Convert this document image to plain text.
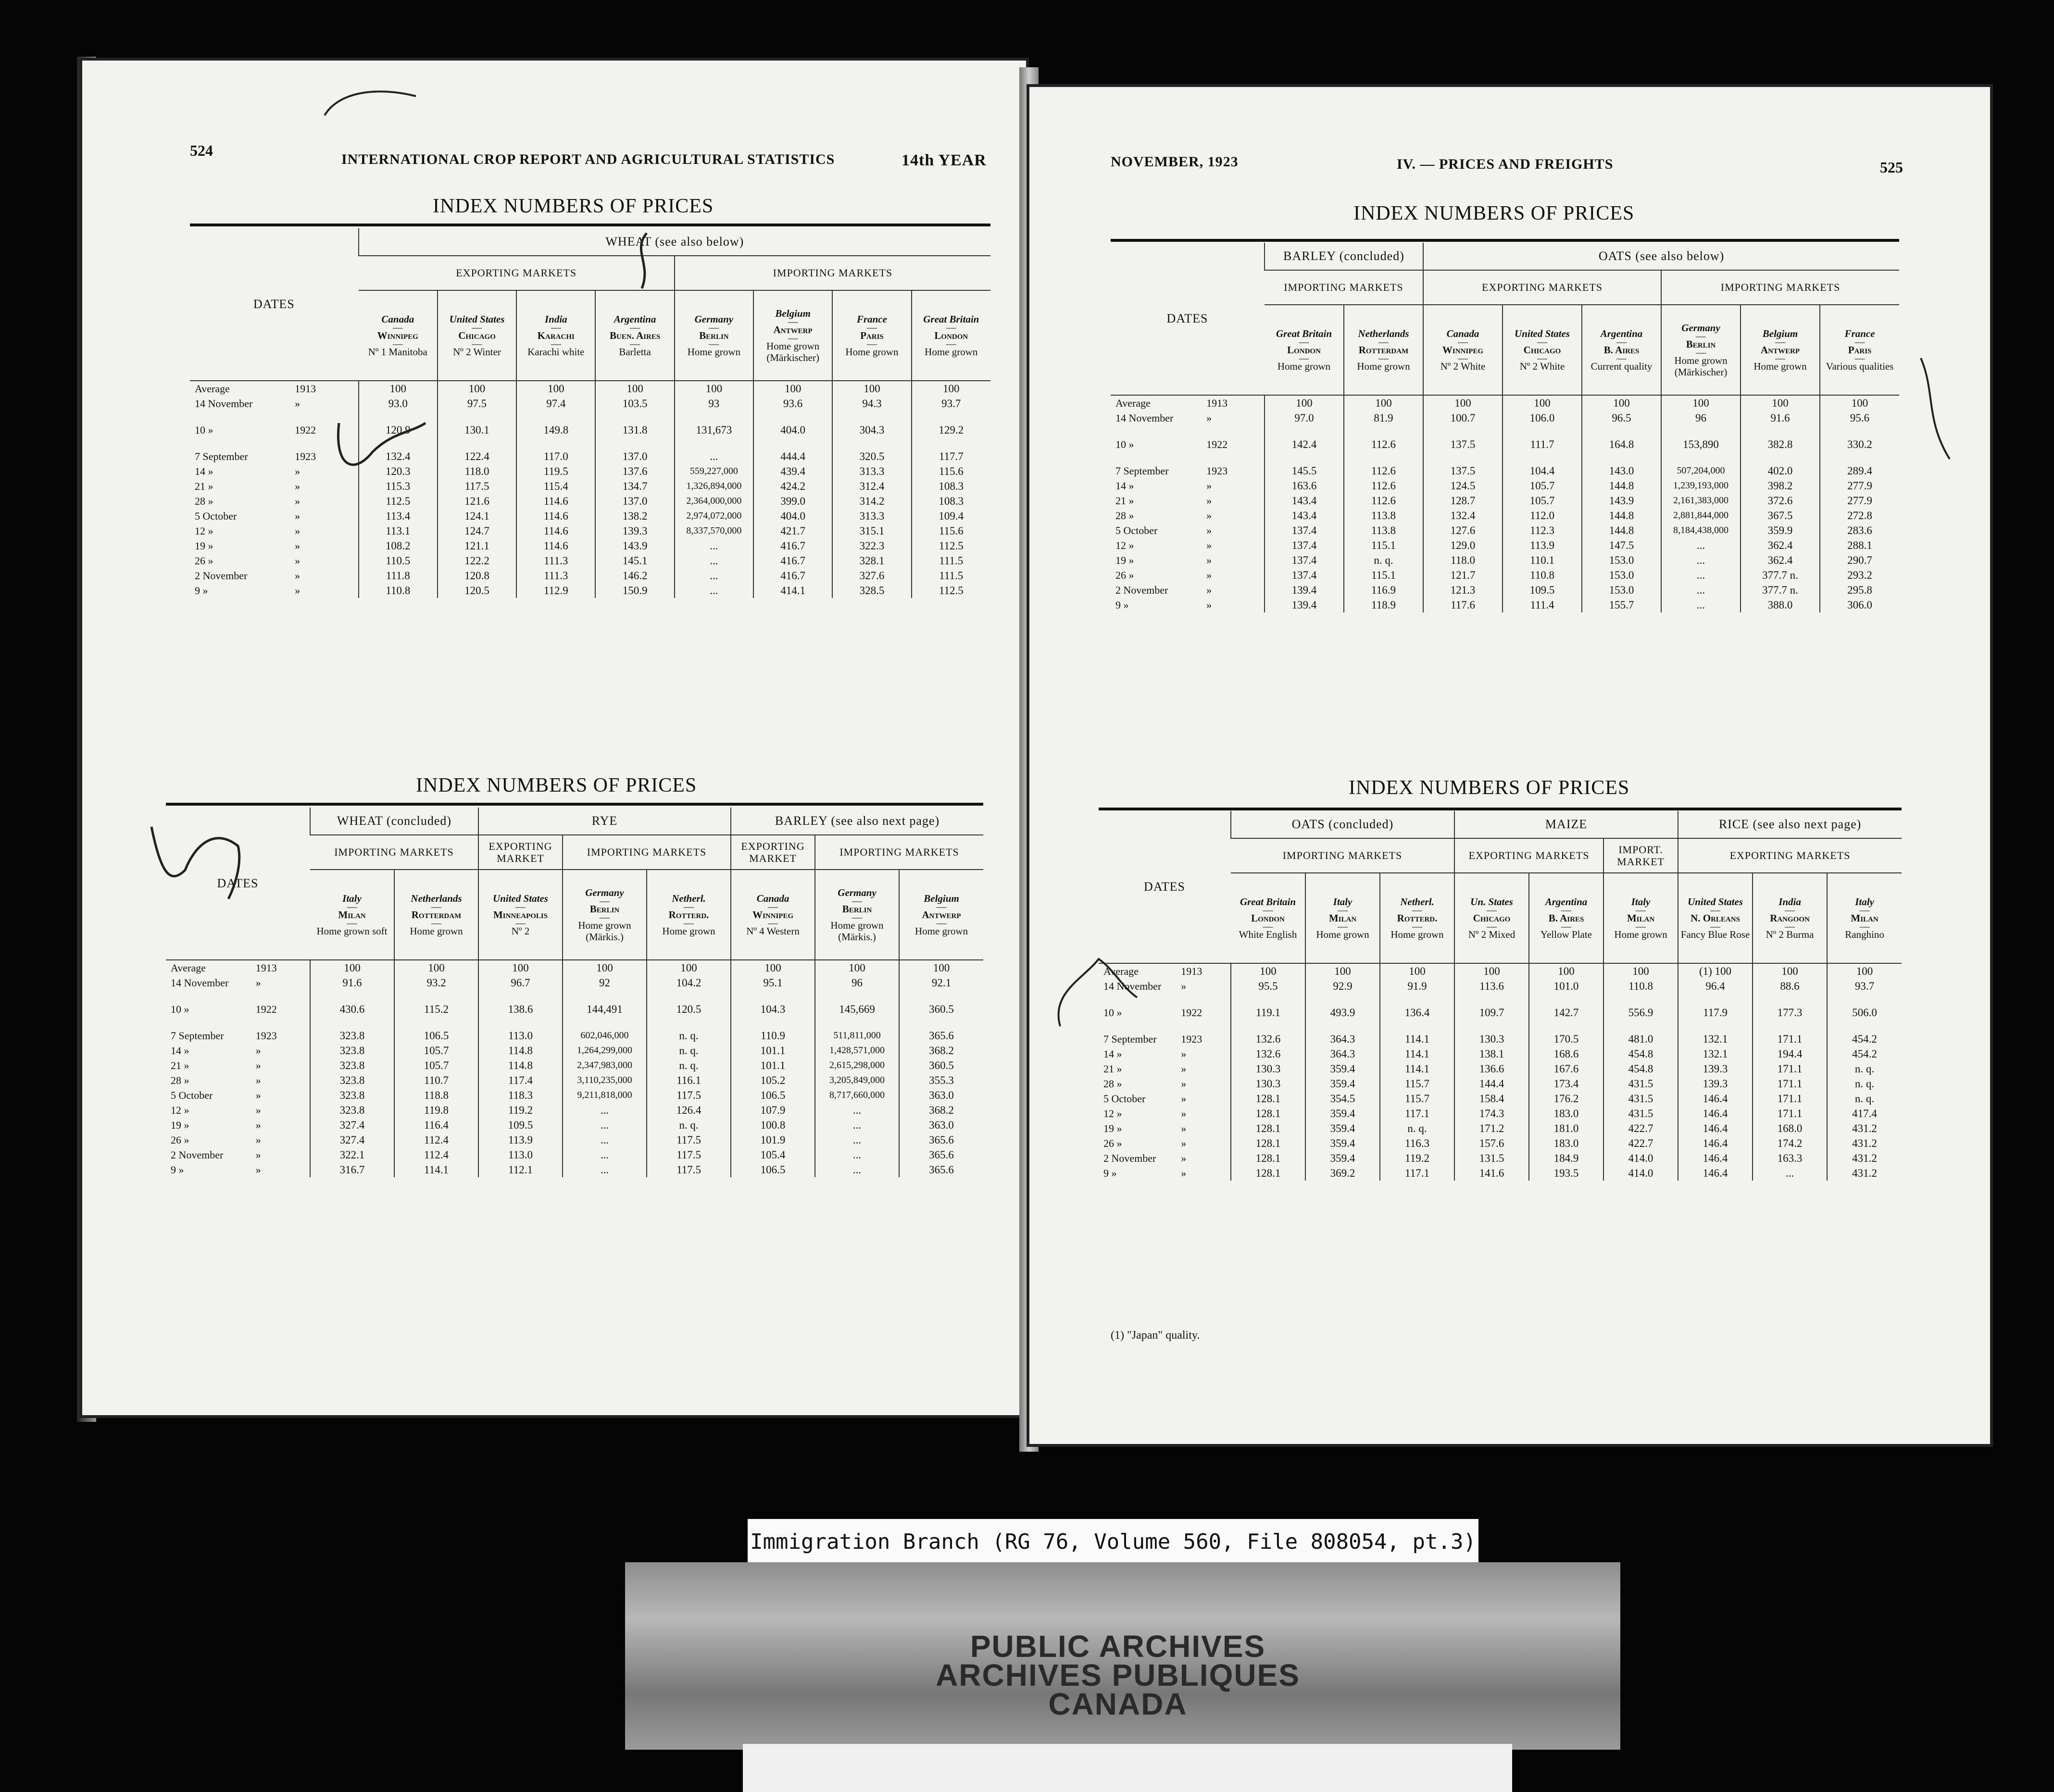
524
INTERNATIONAL CROP REPORT AND AGRICULTURAL STATISTICS	14th YEAR
INDEX NUMBERS OF PRICES
DATES	WHEAT (see also below)							
	EXPORTING MARKETS				IMPORTING MARKETS			

	Canada
—
Winnipeg
—
Nº 1 Manitoba	United States
—
Chicago
—
Nº 2 Winter	India
—
Karachi
—
Karachi white	Argentina
—
Buen. Aires
—
Barletta	Germany
—
Berlin
—
Home grown	Belgium
—
Antwerp
—
Home grown (Märkischer)	France
—
Paris
—
Home grown	Great Britain
—
London
—
Home grown

Average 1913	100	100	100	100	100	100	100	100
14 November »	93.0	97.5	97.4	103.5	93	93.6	94.3	93.7

10 » 1922	120.9	130.1	149.8	131.8	131,673	404.0	304.3	129.2

7 September 1923	132.4	122.4	117.0	137.0	...	444.4	320.5	117.7
14 » »	120.3	118.0	119.5	137.6	559,227,000	439.4	313.3	115.6
21 » »	115.3	117.5	115.4	134.7	1,326,894,000	424.2	312.4	108.3
28 » »	112.5	121.6	114.6	137.0	2,364,000,000	399.0	314.2	108.3
5 October »	113.4	124.1	114.6	138.2	2,974,072,000	404.0	313.3	109.4
12 » »	113.1	124.7	114.6	139.3	8,337,570,000	421.7	315.1	115.6
19 » »	108.2	121.1	114.6	143.9	...	416.7	322.3	112.5
26 » »	110.5	122.2	111.3	145.1	...	416.7	328.1	111.5
2 November »	111.8	120.8	111.3	146.2	...	416.7	327.6	111.5
9 » »	110.8	120.5	112.9	150.9	...	414.1	328.5	112.5
INDEX NUMBERS OF PRICES
DATES	WHEAT (concluded)		RYE			BARLEY (see also next page)		
	IMPORTING MARKETS		EXPORTING MARKET	IMPORTING MARKETS		EXPORTING MARKET	IMPORTING MARKETS	

	Italy
—
Milan
—
Home grown soft	Netherlands
—
Rotterdam
—
Home grown	United States
—
Minneapolis
—
Nº 2	Germany
—
Berlin
—
Home grown (Märkis.)	Netherl.
—
Rotterd.
—
Home grown	Canada
—
Winnipeg
—
Nº 4 Western	Germany
—
Berlin
—
Home grown (Märkis.)	Belgium
—
Antwerp
—
Home grown

Average 1913	100	100	100	100	100	100	100	100
14 November »	91.6	93.2	96.7	92	104.2	95.1	96	92.1

10 » 1922	430.6	115.2	138.6	144,491	120.5	104.3	145,669	360.5

7 September 1923	323.8	106.5	113.0	602,046,000	n. q.	110.9	511,811,000	365.6
14 » »	323.8	105.7	114.8	1,264,299,000	n. q.	101.1	1,428,571,000	368.2
21 » »	323.8	105.7	114.8	2,347,983,000	n. q.	101.1	2,615,298,000	360.5
28 » »	323.8	110.7	117.4	3,110,235,000	116.1	105.2	3,205,849,000	355.3
5 October »	323.8	118.8	118.3	9,211,818,000	117.5	106.5	8,717,660,000	363.0
12 » »	323.8	119.8	119.2	...	126.4	107.9	...	368.2
19 » »	327.4	116.4	109.5	...	n. q.	100.8	...	363.0
26 » »	327.4	112.4	113.9	...	117.5	101.9	...	365.6
2 November »	322.1	112.4	113.0	...	117.5	105.4	...	365.6
9 » »	316.7	114.1	112.1	...	117.5	106.5	...	365.6
NOVEMBER, 1923	IV. — PRICES AND FREIGHTS	525
INDEX NUMBERS OF PRICES
DATES	BARLEY (concluded)		OATS (see also below)					
	IMPORTING MARKETS		EXPORTING MARKETS			IMPORTING MARKETS		

	Great Britain
—
London
—
Home grown	Netherlands
—
Rotterdam
—
Home grown	Canada
—
Winnipeg
—
Nº 2 White	United States
—
Chicago
—
Nº 2 White	Argentina
—
B. Aires
—
Current quality	Germany
—
Berlin
—
Home grown (Märkischer)	Belgium
—
Antwerp
—
Home grown	France
—
Paris
—
Various qualities

Average 1913	100	100	100	100	100	100	100	100
14 November »	97.0	81.9	100.7	106.0	96.5	96	91.6	95.6

10 » 1922	142.4	112.6	137.5	111.7	164.8	153,890	382.8	330.2

7 September 1923	145.5	112.6	137.5	104.4	143.0	507,204,000	402.0	289.4
14 » »	163.6	112.6	124.5	105.7	144.8	1,239,193,000	398.2	277.9
21 » »	143.4	112.6	128.7	105.7	143.9	2,161,383,000	372.6	277.9
28 » »	143.4	113.8	132.4	112.0	144.8	2,881,844,000	367.5	272.8
5 October »	137.4	113.8	127.6	112.3	144.8	8,184,438,000	359.9	283.6
12 » »	137.4	115.1	129.0	113.9	147.5	...	362.4	288.1
19 » »	137.4	n. q.	118.0	110.1	153.0	...	362.4	290.7
26 » »	137.4	115.1	121.7	110.8	153.0	...	377.7 n.	293.2
2 November »	139.4	116.9	121.3	109.5	153.0	...	377.7 n.	295.8
9 » »	139.4	118.9	117.6	111.4	155.7	...	388.0	306.0
INDEX NUMBERS OF PRICES
DATES	OATS (concluded)			MAIZE			RICE (see also next page)		
	IMPORTING MARKETS			EXPORTING MARKETS		IMPORT. MARKET	EXPORTING MARKETS		

	Great Britain
—
London
—
White English	Italy
—
Milan
—
Home grown	Netherl.
—
Rotterd.
—
Home grown	Un. States
—
Chicago
—
Nº 2 Mixed	Argentina
—
B. Aires
—
Yellow Plate	Italy
—
Milan
—
Home grown	United States
—
N. Orleans
—
Fancy Blue Rose	India
—
Rangoon
—
Nº 2 Burma	Italy
—
Milan
—
Ranghino

Average 1913	100	100	100	100	100	100	(1) 100	100	100
14 November »	95.5	92.9	91.9	113.6	101.0	110.8	96.4	88.6	93.7

10 » 1922	119.1	493.9	136.4	109.7	142.7	556.9	117.9	177.3	506.0

7 September 1923	132.6	364.3	114.1	130.3	170.5	481.0	132.1	171.1	454.2
14 » »	132.6	364.3	114.1	138.1	168.6	454.8	132.1	194.4	454.2
21 » »	130.3	359.4	114.1	136.6	167.6	454.8	139.3	171.1	n. q.
28 » »	130.3	359.4	115.7	144.4	173.4	431.5	139.3	171.1	n. q.
5 October »	128.1	354.5	115.7	158.4	176.2	431.5	146.4	171.1	n. q.
12 » »	128.1	359.4	117.1	174.3	183.0	431.5	146.4	171.1	417.4
19 » »	128.1	359.4	n. q.	171.2	181.0	422.7	146.4	168.0	431.2
26 » »	128.1	359.4	116.3	157.6	183.0	422.7	146.4	174.2	431.2
2 November »	128.1	359.4	119.2	131.5	184.9	414.0	146.4	163.3	431.2
9 » »	128.1	369.2	117.1	141.6	193.5	414.0	146.4	...	431.2
(1) "Japan" quality.
Immigration Branch (RG 76, Volume 560, File 808054, pt.3)
PUBLIC ARCHIVES
ARCHIVES PUBLIQUES
CANADA
